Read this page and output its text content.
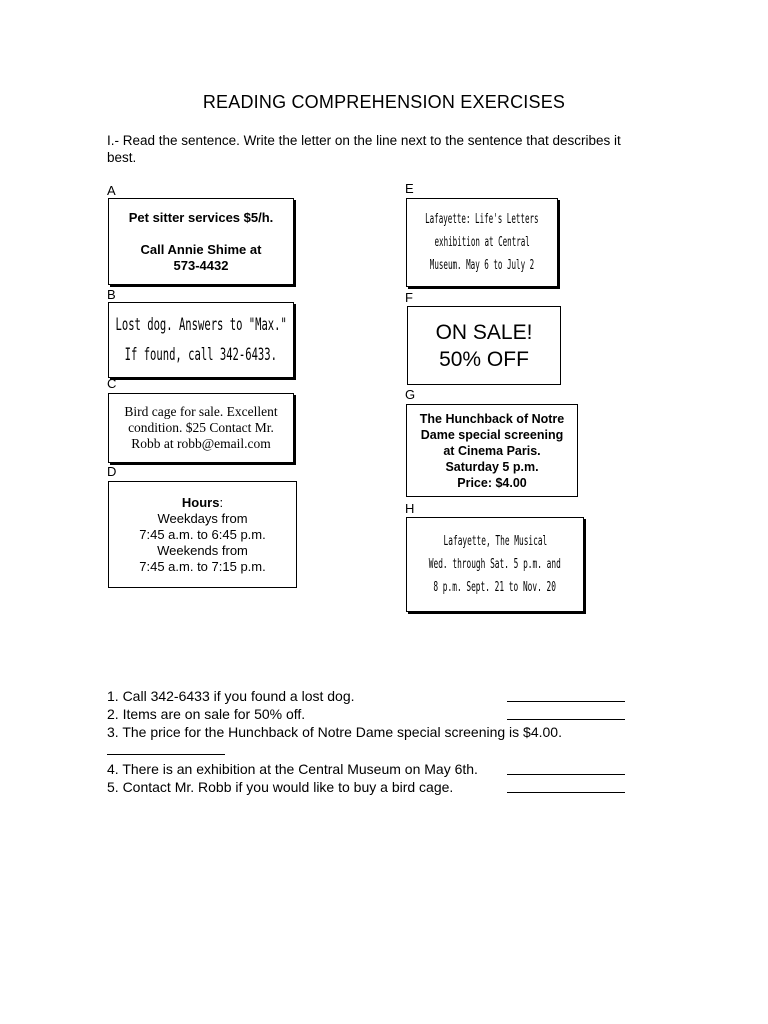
READING COMPREHENSION EXERCISES
I.- Read the sentence. Write the letter on the line next to the sentence that describes it best.
A
Pet sitter services $5/h.
Call Annie Shime at
573-4432
B
Lost dog. Answers to "Max."
If found, call 342-6433.
C
Bird cage for sale. Excellent
condition. $25 Contact Mr.
Robb at robb@email.com
D
Hours:
Weekdays from
7:45 a.m. to 6:45 p.m.
Weekends from
7:45 a.m. to 7:15 p.m.
E
Lafayette: Life's Letters
exhibition at Central
Museum. May 6 to July 2
F
ON SALE!
50% OFF
G
The Hunchback of Notre
Dame special screening
at Cinema Paris.
Saturday 5 p.m.
Price: $4.00
H
Lafayette, The Musical
Wed. through Sat. 5 p.m. and
8 p.m. Sept. 21 to Nov. 20
1. Call 342-6433 if you found a lost dog.
2. Items are on sale for 50% off.
3. The price for the Hunchback of Notre Dame special screening is $4.00.
4. There is an exhibition at the Central Museum on May 6th.
5. Contact Mr. Robb if you would like to buy a bird cage.
